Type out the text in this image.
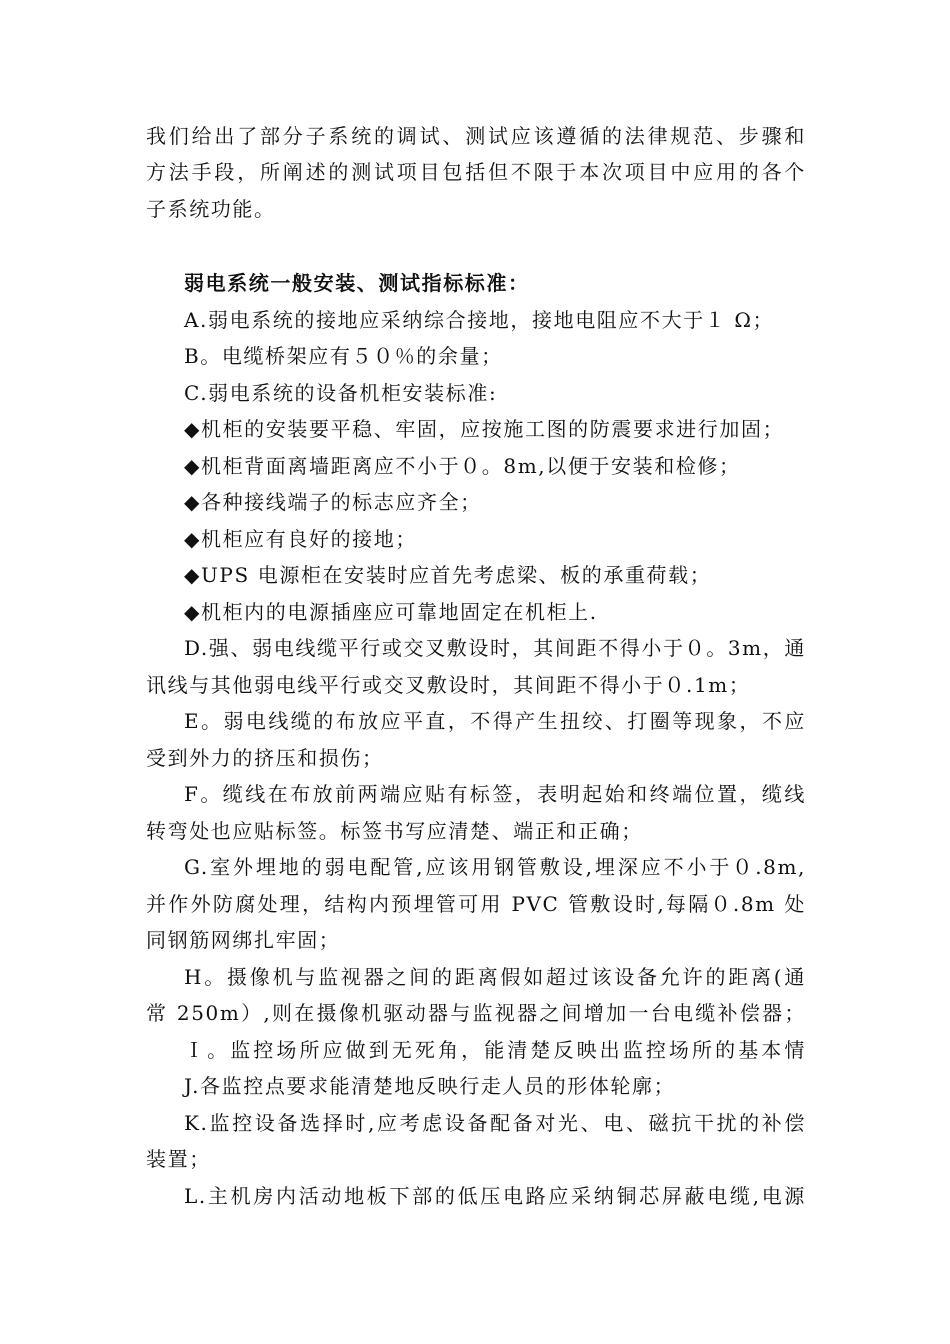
我们给出了部分子系统的调试、测试应该遵循的法律规范、步骤和
方法手段，所阐述的测试项目包括但不限于本次项目中应用的各个
子系统功能。
弱电系统一般安装、测试指标标准：
A.弱电系统的接地应采纳综合接地，接地电阻应不大于１ Ω；
B。电缆桥架应有５０％的余量；
C.弱电系统的设备机柜安装标准:
◆机柜的安装要平稳、牢固，应按施工图的防震要求进行加固；
◆机柜背面离墙距离应不小于０。8m,以便于安装和检修；
◆各种接线端子的标志应齐全；
◆机柜应有良好的接地；
◆UPS 电源柜在安装时应首先考虑梁、板的承重荷载；
◆机柜内的电源插座应可靠地固定在机柜上.
D.强、弱电线缆平行或交叉敷设时，其间距不得小于０。3m，通
讯线与其他弱电线平行或交叉敷设时，其间距不得小于０.1m；
E。弱电线缆的布放应平直，不得产生扭绞、打圈等现象，不应
受到外力的挤压和损伤；
F。缆线在布放前两端应贴有标签，表明起始和终端位置，缆线
转弯处也应贴标签。标签书写应清楚、端正和正确；
G.室外埋地的弱电配管,应该用钢管敷设,埋深应不小于０.8m,
并作外防腐处理，结构内预埋管可用 PVC 管敷设时,每隔０.8m 处
同钢筋网绑扎牢固；
H。摄像机与监视器之间的距离假如超过该设备允许的距离(通
常 250m）,则在摄像机驱动器与监视器之间增加一台电缆补偿器；
Ｉ。监控场所应做到无死角，能清楚反映出监控场所的基本情
J.各监控点要求能清楚地反映行走人员的形体轮廓；
K.监控设备选择时,应考虑设备配备对光、电、磁抗干扰的补偿
装置；
L.主机房内活动地板下部的低压电路应采纳铜芯屏蔽电缆,电源
